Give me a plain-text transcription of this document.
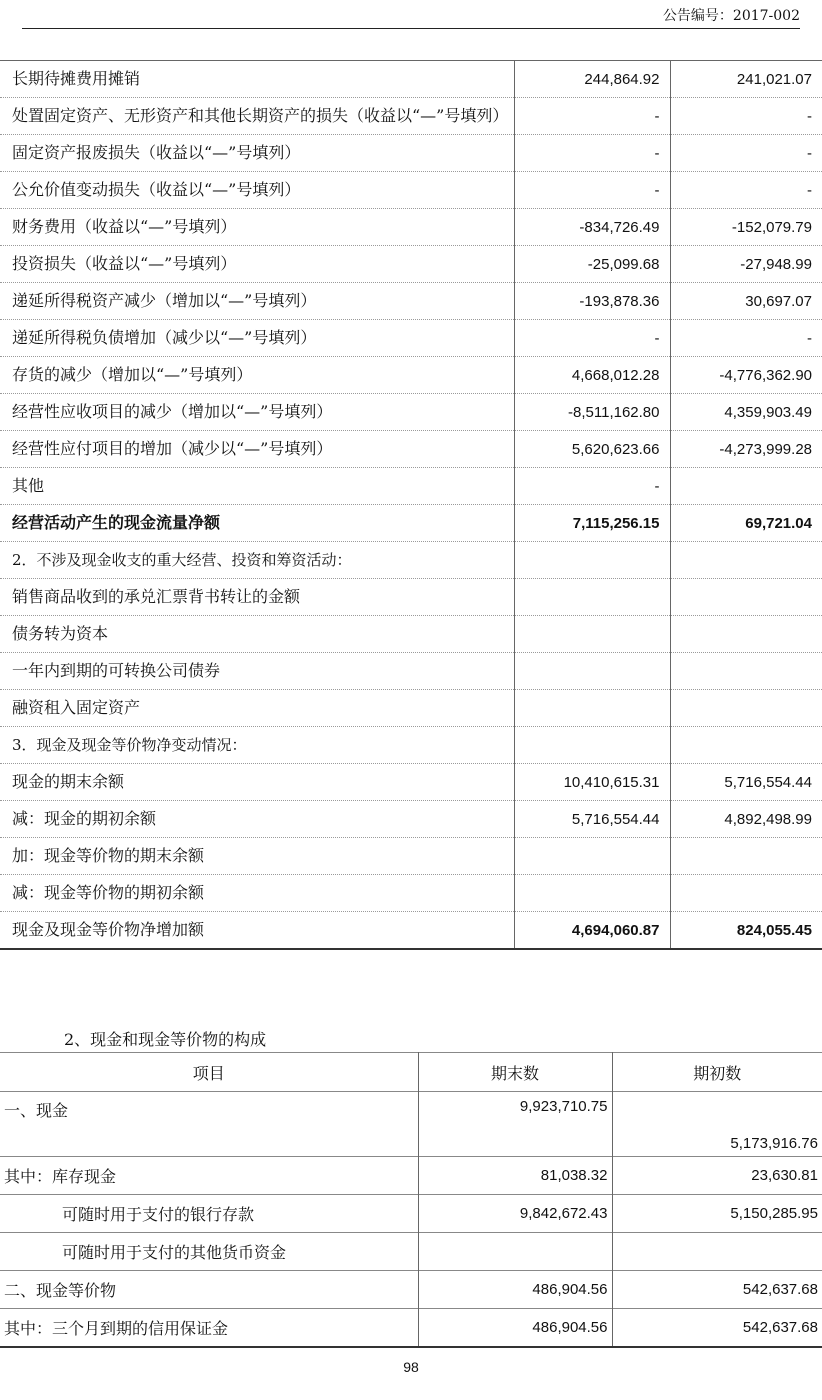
公告编号：2017-002
长期待摊费用摊销	244,864.92	241,021.07
处置固定资产、无形资产和其他长期资产的损失（收益以“—”号填列）	-	-
固定资产报废损失（收益以“—”号填列）	-	-
公允价值变动损失（收益以“—”号填列）	-	-
财务费用（收益以“—”号填列）	-834,726.49	-152,079.79
投资损失（收益以“—”号填列）	-25,099.68	-27,948.99
递延所得税资产减少（增加以“—”号填列）	-193,878.36	30,697.07
递延所得税负债增加（减少以“—”号填列）	-	-
存货的减少（增加以“—”号填列）	4,668,012.28	-4,776,362.90
经营性应收项目的减少（增加以“—”号填列）	-8,511,162.80	4,359,903.49
经营性应付项目的增加（减少以“—”号填列）	5,620,623.66	-4,273,999.28
其他	-	
经营活动产生的现金流量净额	7,115,256.15	69,721.04
2．不涉及现金收支的重大经营、投资和筹资活动：		
销售商品收到的承兑汇票背书转让的金额		
债务转为资本		
一年内到期的可转换公司债券		
融资租入固定资产		
3．现金及现金等价物净变动情况：		
现金的期末余额	10,410,615.31	5,716,554.44
减：现金的期初余额	5,716,554.44	4,892,498.99
加：现金等价物的期末余额		
减：现金等价物的期初余额		
现金及现金等价物净增加额	4,694,060.87	824,055.45
2、现金和现金等价物的构成
项目	期末数	期初数
一、现金	9,923,710.75	5,173,916.76
其中：库存现金	81,038.32	23,630.81
可随时用于支付的银行存款	9,842,672.43	5,150,285.95
可随时用于支付的其他货币资金		
二、现金等价物	486,904.56	542,637.68
其中：三个月到期的信用保证金	486,904.56	542,637.68
98
